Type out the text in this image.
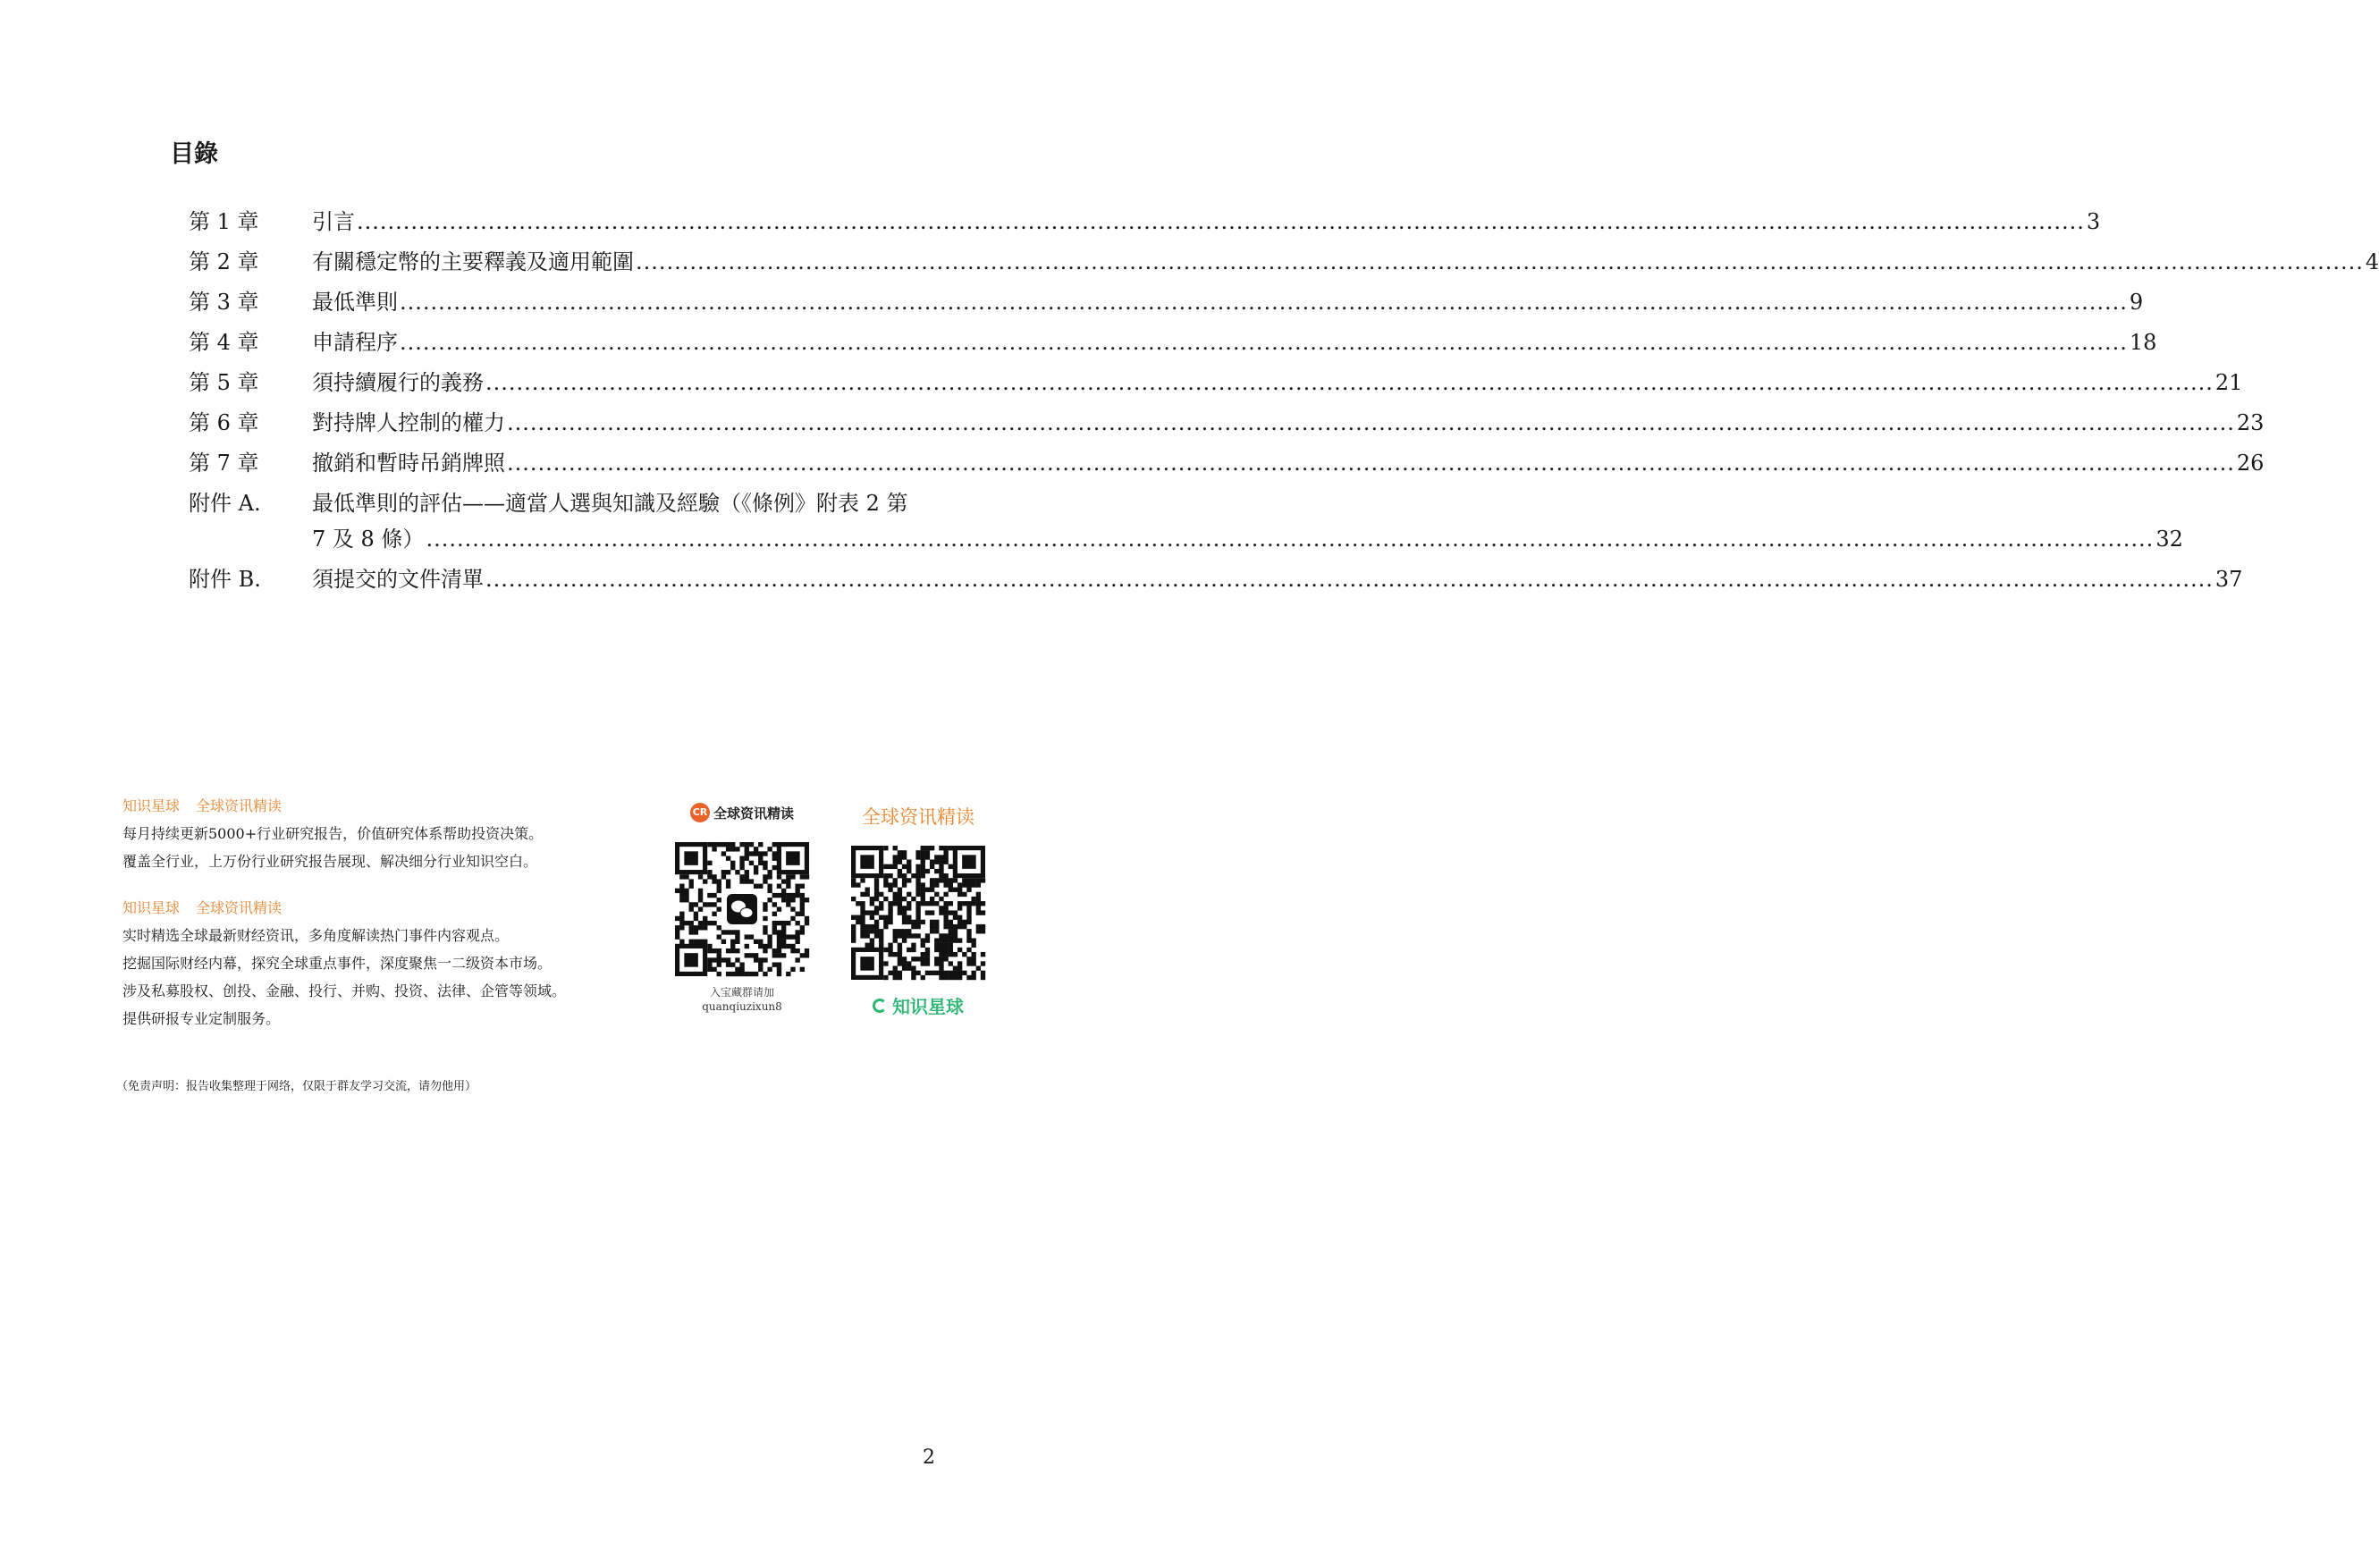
目錄
第 1 章	引言 .....	3
第 2 章	有關穩定幣的主要釋義及適用範圍 .....	4
第 3 章	最低準則 .....	9
第 4 章	申請程序 .....	18
第 5 章	須持續履行的義務 .....	21
第 6 章	對持牌人控制的權力 .....	23
第 7 章	撤銷和暫時吊銷牌照 .....	26
附件 A.	最低準則的評估——適當人選與知識及經驗（《條例》附表 2 第
7 及 8 條） .....	32
附件 B.	須提交的文件清單 .....	37
知识星球 全球资讯精读
每月持续更新5000+行业研究报告，价值研究体系帮助投资决策。
覆盖全行业，上万份行业研究报告展现、解决细分行业知识空白。
知识星球 全球资讯精读
实时精选全球最新财经资讯，多角度解读热门事件内容观点。
挖掘国际财经内幕，探究全球重点事件，深度聚焦一二级资本市场。
涉及私募股权、创投、金融、投行、并购、投资、法律、企管等领域。
提供研报专业定制服务。
CR 全球资讯精读
入宝藏群请加
quanqiuzixun8
全球资讯精读
知识星球
（免责声明：报告收集整理于网络，仅限于群友学习交流，请勿他用）
2
